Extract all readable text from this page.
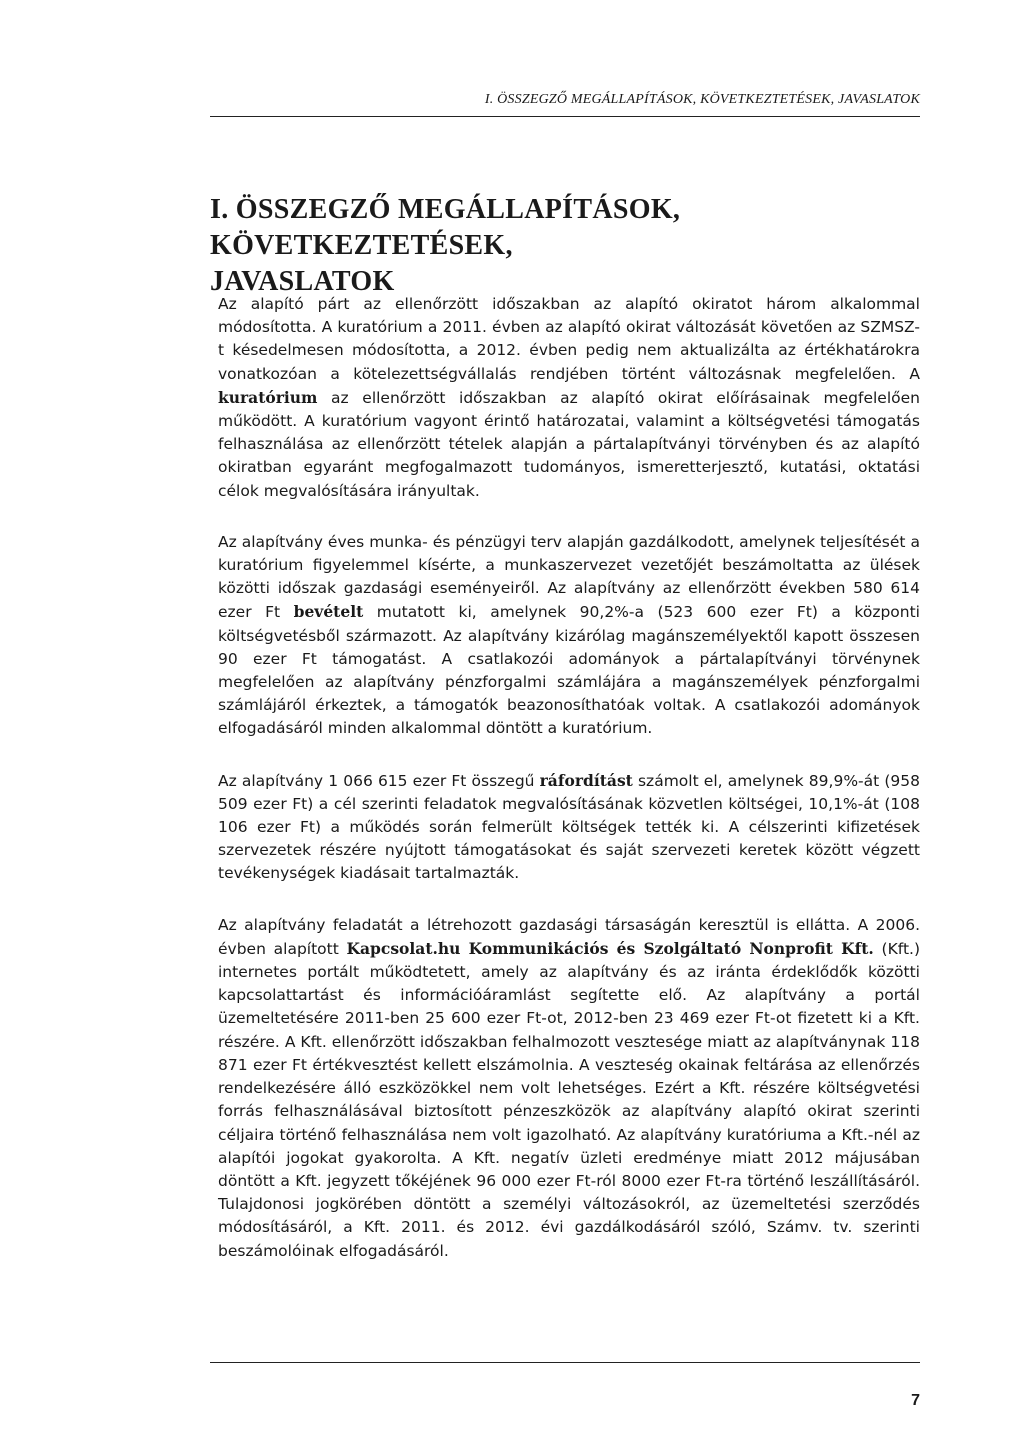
I. ÖSSZEGZŐ MEGÁLLAPÍTÁSOK, KÖVETKEZTETÉSEK, JAVASLATOK
I. ÖSSZEGZŐ MEGÁLLAPÍTÁSOK, KÖVETKEZTETÉSEK,
JAVASLATOK

Az alapító párt az ellenőrzött időszakban az alapító okiratot három alkalommal módosította. A kuratórium a 2011. évben az alapító okirat változását követően az SZMSZ-t késedelmesen módosította, a 2012. évben pedig nem aktualizálta az értékhatárokra vonatkozóan a kötelezettségvállalás rendjében történt változásnak megfelelően. A kuratórium az ellenőrzött időszakban az alapító okirat előírásainak megfelelően működött. A kuratórium vagyont érintő határozatai, valamint a költségvetési támogatás felhasználása az ellenőrzött tételek alapján a pártalapítványi törvényben és az alapító okiratban egyaránt megfogalmazott tudományos, ismeretterjesztő, kutatási, oktatási célok megvalósítására irányultak.

Az alapítvány éves munka- és pénzügyi terv alapján gazdálkodott, amelynek teljesítését a kuratórium figyelemmel kísérte, a munkaszervezet vezetőjét beszámoltatta az ülések közötti időszak gazdasági eseményeiről. Az alapítvány az ellenőrzött években 580 614 ezer Ft bevételt mutatott ki, amelynek 90,2%-a (523 600 ezer Ft) a központi költségvetésből származott. Az alapítvány kizárólag magánszemélyektől kapott összesen 90 ezer Ft támogatást. A csatlakozói adományok a pártalapítványi törvénynek megfelelően az alapítvány pénzforgalmi számlájára a magánszemélyek pénzforgalmi számlájáról érkeztek, a támogatók beazonosíthatóak voltak. A csatlakozói adományok elfogadásáról minden alkalommal döntött a kuratórium.

Az alapítvány 1 066 615 ezer Ft összegű ráfordítást számolt el, amelynek 89,9%-át (958 509 ezer Ft) a cél szerinti feladatok megvalósításának közvetlen költségei, 10,1%-át (108 106 ezer Ft) a működés során felmerült költségek tették ki. A célszerinti kifizetések szervezetek részére nyújtott támogatásokat és saját szervezeti keretek között végzett tevékenységek kiadásait tartalmazták.

Az alapítvány feladatát a létrehozott gazdasági társaságán keresztül is ellátta. A 2006. évben alapított Kapcsolat.hu Kommunikációs és Szolgáltató Nonprofit Kft. (Kft.) internetes portált működtetett, amely az alapítvány és az iránta érdeklődők közötti kapcsolattartást és információáramlást segítette elő. Az alapítvány a portál üzemeltetésére 2011-ben 25 600 ezer Ft-ot, 2012-ben 23 469 ezer Ft-ot fizetett ki a Kft. részére. A Kft. ellenőrzött időszakban felhalmozott vesztesége miatt az alapítványnak 118 871 ezer Ft értékvesztést kellett elszámolnia. A veszteség okainak feltárása az ellenőrzés rendelkezésére álló eszközökkel nem volt lehetséges. Ezért a Kft. részére költségvetési forrás felhasználásával biztosított pénzeszközök az alapítvány alapító okirat szerinti céljaira történő felhasználása nem volt igazolható. Az alapítvány kuratóriuma a Kft.-nél az alapítói jogokat gyakorolta. A Kft. negatív üzleti eredménye miatt 2012 májusában döntött a Kft. jegyzett tőkéjének 96 000 ezer Ft-ról 8000 ezer Ft-ra történő leszállításáról. Tulajdonosi jogkörében döntött a személyi változásokról, az üzemeltetési szerződés módosításáról, a Kft. 2011. és 2012. évi gazdálkodásáról szóló, Számv. tv. szerinti beszámolóinak elfogadásáról.

7
